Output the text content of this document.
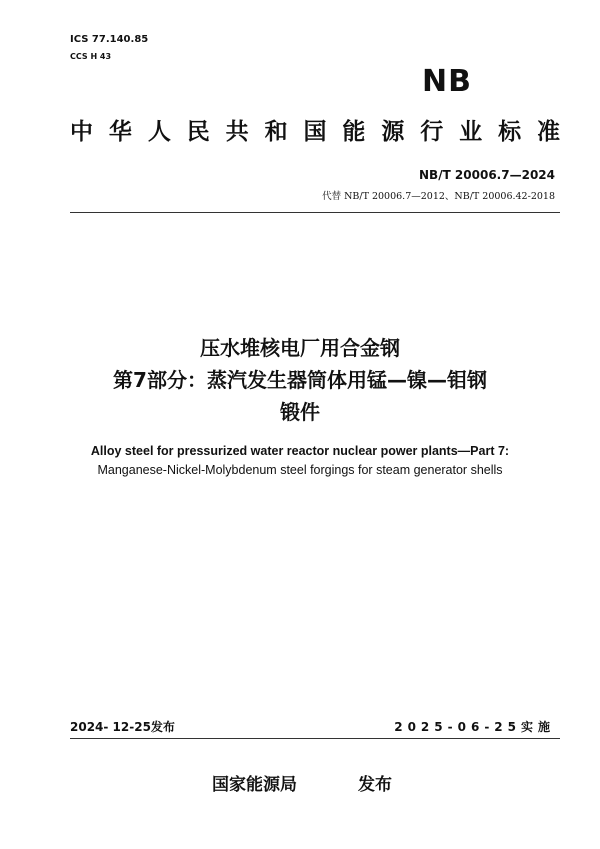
ICS 77.140.85
CCS H 43
NB
中华人民共和国能源行业标准
NB/T 20006.7—2024
代替 NB/T 20006.7—2012、NB/T 20006.42-2018
压水堆核电厂用合金钢
第7部分：蒸汽发生器筒体用锰—镍—钼钢
锻件
Alloy steel for pressurized water reactor nuclear power plants—Part 7:
Manganese-Nickel-Molybdenum steel forgings for steam generator shells
2024- 12-25发布	2025-06-25实施
国家能源局	发布
